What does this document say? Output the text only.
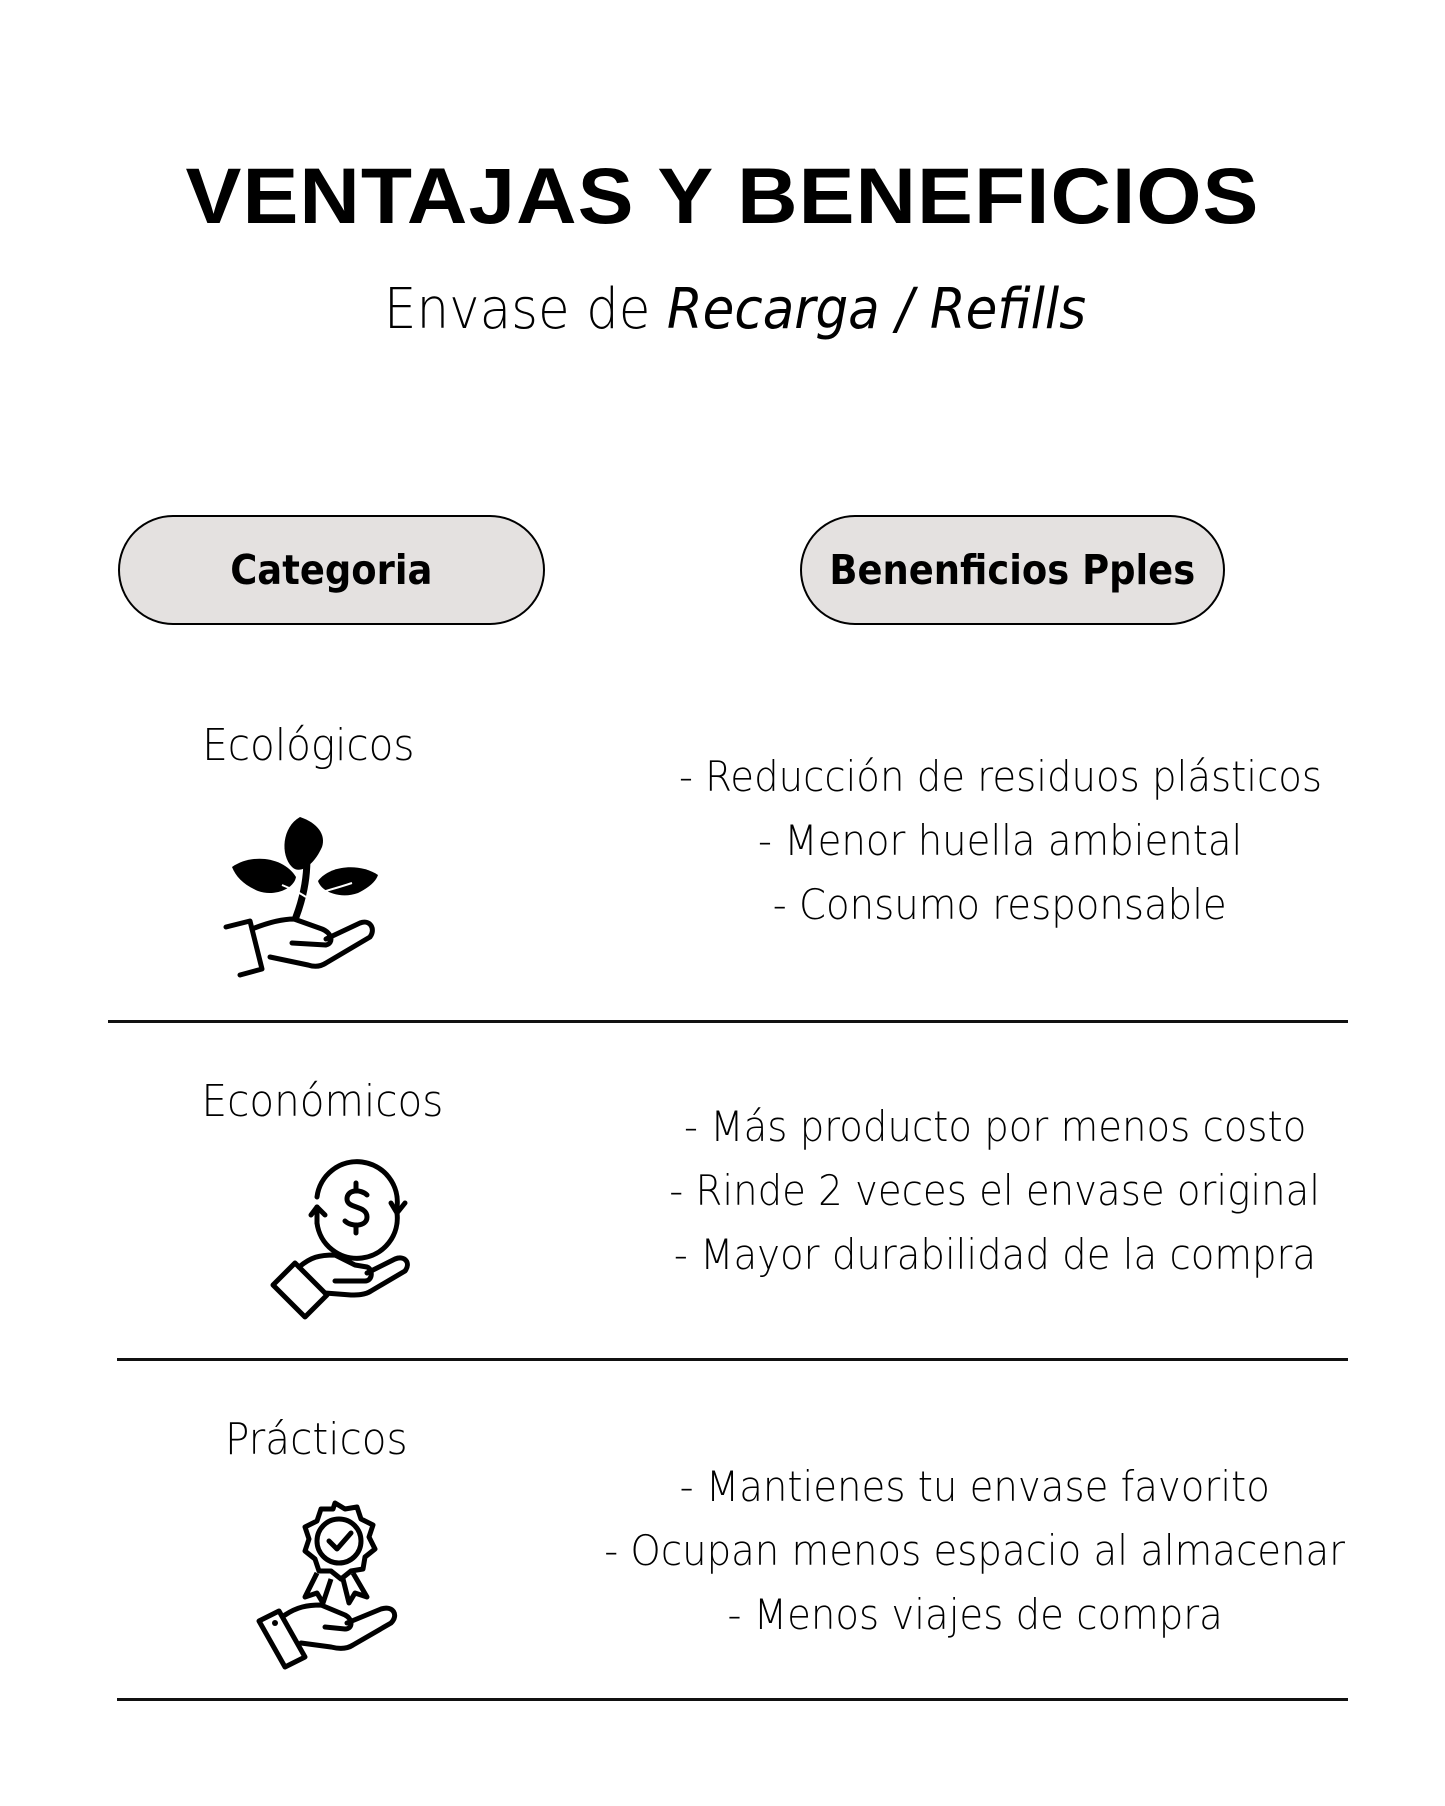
VENTAJAS Y BENEFICIOS
Envase de Recarga / Refills
Categoria	Benenficios Pples
Ecológicos
- Reducción de residuos plásticos
- Menor huella ambiental
- Consumo responsable
Económicos	- Más producto por menos costo
- Rinde 2 veces el envase original
- Mayor durabilidad de la compra
Prácticos
- Mantienes tu envase favorito
- Ocupan menos espacio al almacenar
- Menos viajes de compra
